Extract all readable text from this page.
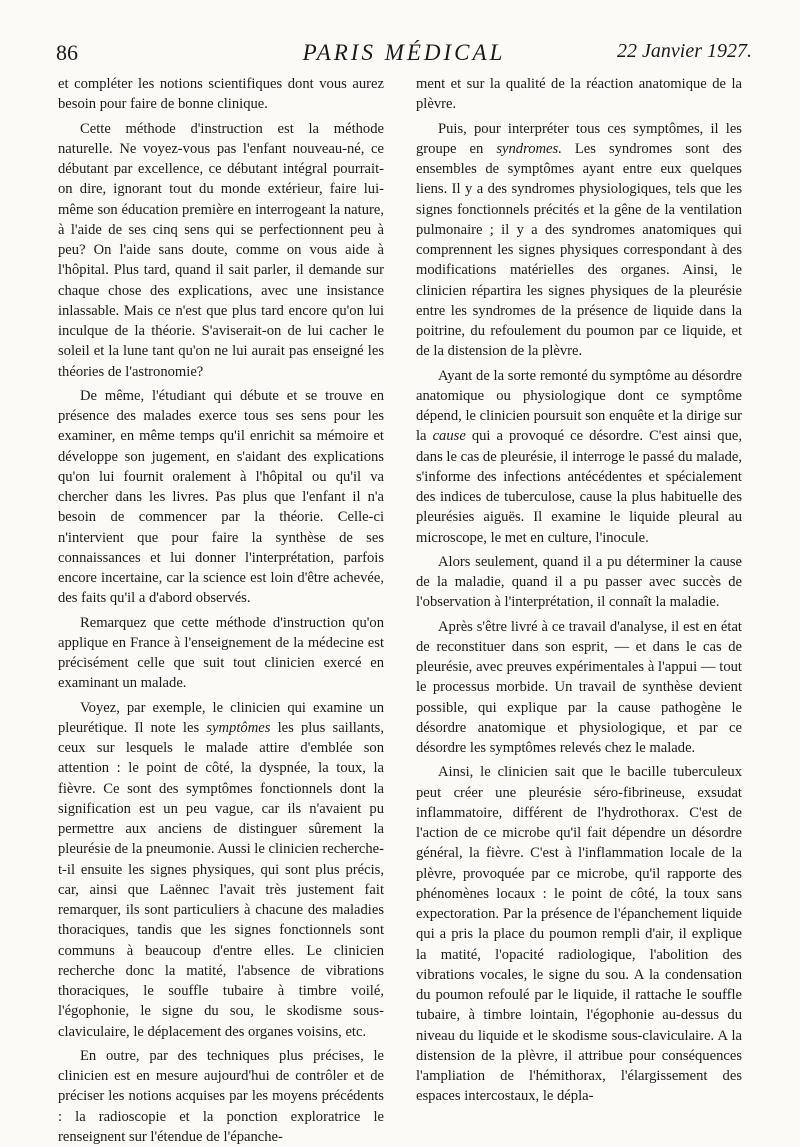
86	PARIS MÉDICAL	22 Janvier 1927.

et compléter les notions scientifiques dont vous aurez besoin pour faire de bonne clinique.

Cette méthode d'instruction est la méthode naturelle. Ne voyez-vous pas l'enfant nouveau-né, ce débutant par excellence, ce débutant intégral pourrait-on dire, ignorant tout du monde extérieur, faire lui-même son éducation première en interrogeant la nature, à l'aide de ses cinq sens qui se perfectionnent peu à peu? On l'aide sans doute, comme on vous aide à l'hôpital. Plus tard, quand il sait parler, il demande sur chaque chose des explications, avec une insistance inlassable. Mais ce n'est que plus tard encore qu'on lui inculque de la théorie. S'aviserait-on de lui cacher le soleil et la lune tant qu'on ne lui aurait pas enseigné les théories de l'astronomie?

De même, l'étudiant qui débute et se trouve en présence des malades exerce tous ses sens pour les examiner, en même temps qu'il enrichit sa mémoire et développe son jugement, en s'aidant des explications qu'on lui fournit oralement à l'hôpital ou qu'il va chercher dans les livres. Pas plus que l'enfant il n'a besoin de commencer par la théorie. Celle-ci n'intervient que pour faire la synthèse de ses connaissances et lui donner l'interprétation, parfois encore incertaine, car la science est loin d'être achevée, des faits qu'il a d'abord observés.

Remarquez que cette méthode d'instruction qu'on applique en France à l'enseignement de la médecine est précisément celle que suit tout clinicien exercé en examinant un malade.

Voyez, par exemple, le clinicien qui examine un pleurétique. Il note les symptômes les plus saillants, ceux sur lesquels le malade attire d'emblée son attention : le point de côté, la dyspnée, la toux, la fièvre. Ce sont des symptômes fonctionnels dont la signification est un peu vague, car ils n'avaient pu permettre aux anciens de distinguer sûrement la pleurésie de la pneumonie. Aussi le clinicien recherche-t-il ensuite les signes physiques, qui sont plus précis, car, ainsi que Laënnec l'avait très justement fait remarquer, ils sont particuliers à chacune des maladies thoraciques, tandis que les signes fonctionnels sont communs à beaucoup d'entre elles. Le clinicien recherche donc la matité, l'absence de vibrations thoraciques, le souffle tubaire à timbre voilé, l'égophonie, le signe du sou, le skodisme sous-claviculaire, le déplacement des organes voisins, etc.

En outre, par des techniques plus précises, le clinicien est en mesure aujourd'hui de contrôler et de préciser les notions acquises par les moyens précédents : la radioscopie et la ponction exploratrice le renseignent sur l'étendue de l'épanche-

ment et sur la qualité de la réaction anatomique de la plèvre.

Puis, pour interpréter tous ces symptômes, il les groupe en syndromes. Les syndromes sont des ensembles de symptômes ayant entre eux quelques liens. Il y a des syndromes physiologiques, tels que les signes fonctionnels précités et la gêne de la ventilation pulmonaire ; il y a des syndromes anatomiques qui comprennent les signes physiques correspondant à des modifications matérielles des organes. Ainsi, le clinicien répartira les signes physiques de la pleurésie entre les syndromes de la présence de liquide dans la poitrine, du refoulement du poumon par ce liquide, et de la distension de la plèvre.

Ayant de la sorte remonté du symptôme au désordre anatomique ou physiologique dont ce symptôme dépend, le clinicien poursuit son enquête et la dirige sur la cause qui a provoqué ce désordre. C'est ainsi que, dans le cas de pleurésie, il interroge le passé du malade, s'informe des infections antécédentes et spécialement des indices de tuberculose, cause la plus habituelle des pleurésies aiguës. Il examine le liquide pleural au microscope, le met en culture, l'inocule.

Alors seulement, quand il a pu déterminer la cause de la maladie, quand il a pu passer avec succès de l'observation à l'interprétation, il connaît la maladie.

Après s'être livré à ce travail d'analyse, il est en état de reconstituer dans son esprit, — et dans le cas de pleurésie, avec preuves expérimentales à l'appui — tout le processus morbide. Un travail de synthèse devient possible, qui explique par la cause pathogène le désordre anatomique et physiologique, et par ce désordre les symptômes relevés chez le malade.

Ainsi, le clinicien sait que le bacille tuberculeux peut créer une pleurésie séro-fibrineuse, exsudat inflammatoire, différent de l'hydrothorax. C'est de l'action de ce microbe qu'il fait dépendre un désordre général, la fièvre. C'est à l'inflammation locale de la plèvre, provoquée par ce microbe, qu'il rapporte des phénomènes locaux : le point de côté, la toux sans expectoration. Par la présence de l'épanchement liquide qui a pris la place du poumon rempli d'air, il explique la matité, l'opacité radiologique, l'abolition des vibrations vocales, le signe du sou. A la condensation du poumon refoulé par le liquide, il rattache le souffle tubaire, à timbre lointain, l'égophonie au-dessus du niveau du liquide et le skodisme sous-claviculaire. A la distension de la plèvre, il attribue pour conséquences l'ampliation de l'hémithorax, l'élargissement des espaces intercostaux, le dépla-
